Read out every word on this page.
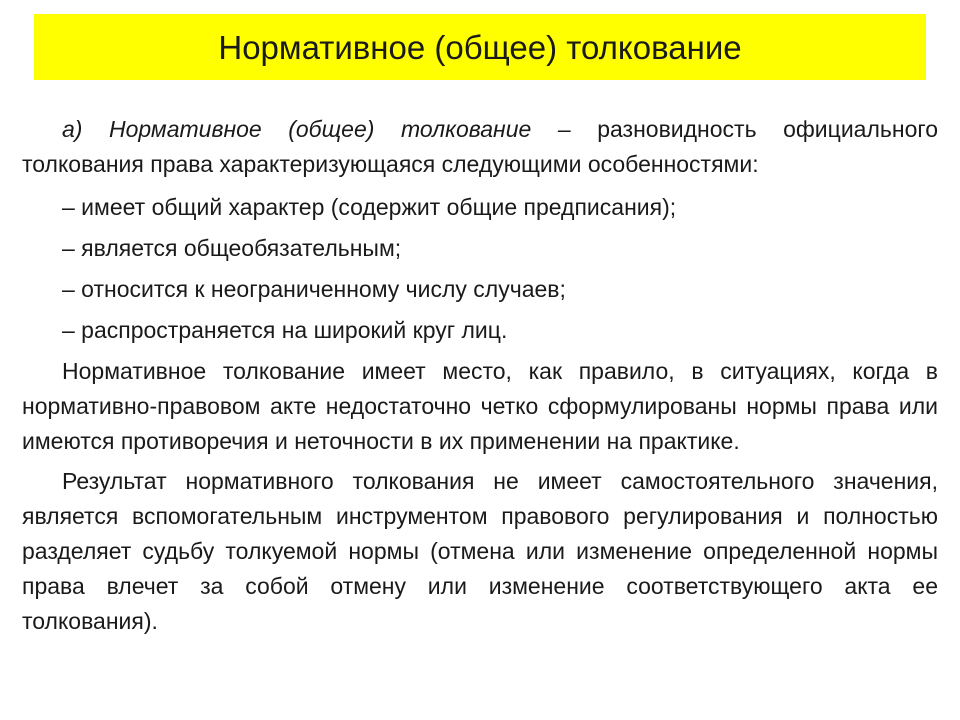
Нормативное (общее) толкование

а) Нормативное (общее) толкование – разновидность официального толкования права характеризующаяся следующими особенностями:

– имеет общий характер (содержит общие предписания);

– является общеобязательным;

– относится к неограниченному числу случаев;

– распространяется на широкий круг лиц.

Нормативное толкование имеет место, как правило, в ситуациях, когда в нормативно-правовом акте недостаточно четко сформулированы нормы права или имеются противоречия и неточности в их применении на практике.

Результат нормативного толкования не имеет самостоятельного значения, является вспомогательным инструментом правового регулирования и полностью разделяет судьбу толкуемой нормы (отмена или изменение определенной нормы права влечет за собой отмену или изменение соответствующего акта ее толкования).
